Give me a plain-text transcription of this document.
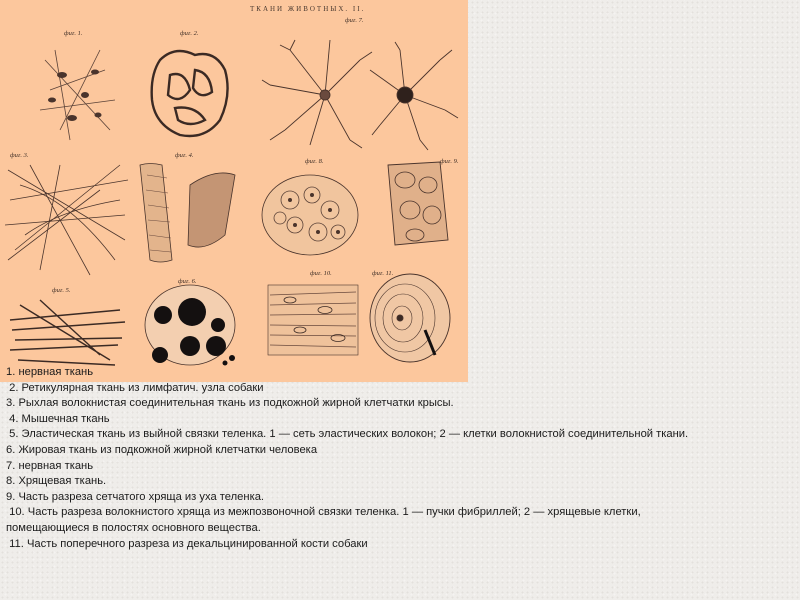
ТКАНИ ЖИВОТНЫХ. II.
фиг. 1.	фиг. 2.
фиг. 7.
фиг. 3.	фиг. 4.
фиг. 8.	фиг. 9.
фиг. 5.
фиг. 6.
фиг. 10.	фиг. 11.
1. нервная ткань
2. Ретикулярная ткань из лимфатич. узла собаки
3. Рыхлая волокнистая соединительная ткань из подкожной жирной клетчатки крысы.
4. Мышечная ткань
5. Эластическая ткань из выйной связки теленка. 1 — сеть эластических волокон; 2 — клетки волокнистой соединительной ткани.
6. Жировая ткань из подкожной жирной клетчатки человека
7. нервная ткань
8. Хрящевая ткань.
9. Часть разреза сетчатого хряща из уха теленка.
10. Часть разреза волокнистого хряща из межпозвоночной связки теленка. 1 — пучки фибриллей; 2 — хрящевые клетки, помещающиеся в полостях основного вещества.
11. Часть поперечного разреза из декальцинированной кости собаки
